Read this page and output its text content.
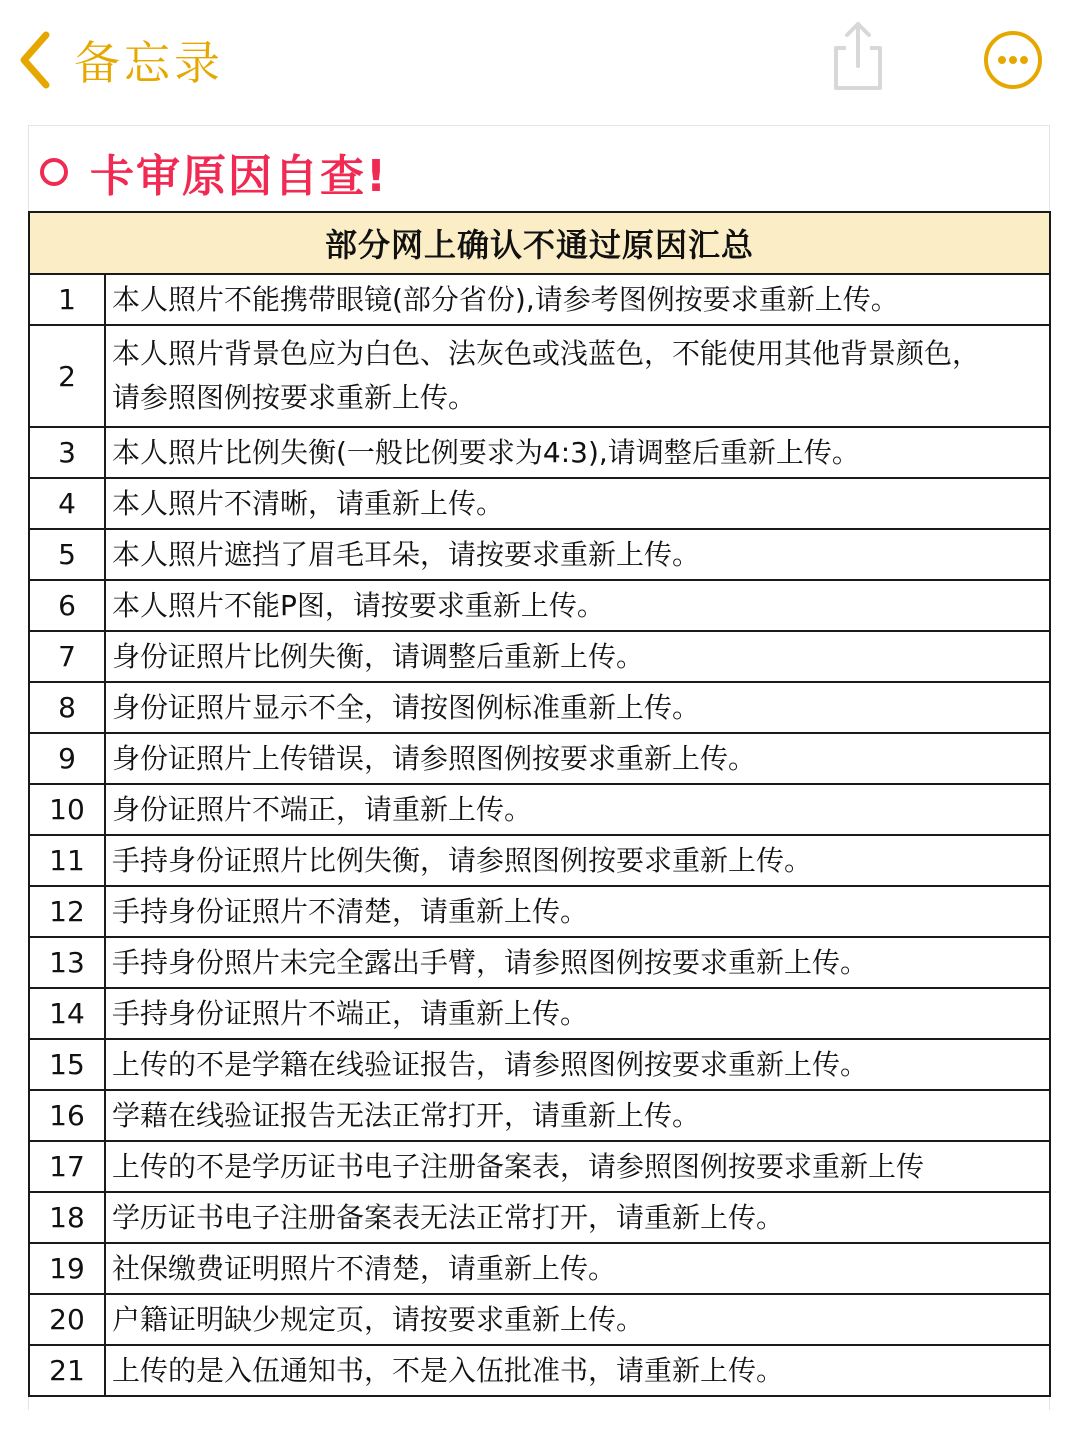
备忘录
卡审原因自查!
部分网上确认不通过原因汇总	
1	本人照片不能携带眼镜(部分省份),请参考图例按要求重新上传。
2	本人照片背景色应为白色、法灰色或浅蓝色，不能使用其他背景颜色，请参照图例按要求重新上传。
3	本人照片比例失衡(一般比例要求为4:3),请调整后重新上传。
4	本人照片不清晰，请重新上传。
5	本人照片遮挡了眉毛耳朵，请按要求重新上传。
6	本人照片不能P图，请按要求重新上传。
7	身份证照片比例失衡，请调整后重新上传。
8	身份证照片显示不全，请按图例标准重新上传。
9	身份证照片上传错误，请参照图例按要求重新上传。
10	身份证照片不端正，请重新上传。
11	手持身份证照片比例失衡，请参照图例按要求重新上传。
12	手持身份证照片不清楚，请重新上传。
13	手持身份照片未完全露出手臂，请参照图例按要求重新上传。
14	手持身份证照片不端正，请重新上传。
15	上传的不是学籍在线验证报告，请参照图例按要求重新上传。
16	学藉在线验证报告无法正常打开，请重新上传。
17	上传的不是学历证书电子注册备案表，请参照图例按要求重新上传
18	学历证书电子注册备案表无法正常打开，请重新上传。
19	社保缴费证明照片不清楚，请重新上传。
20	户籍证明缺少规定页，请按要求重新上传。
21	上传的是入伍通知书，不是入伍批准书，请重新上传。
